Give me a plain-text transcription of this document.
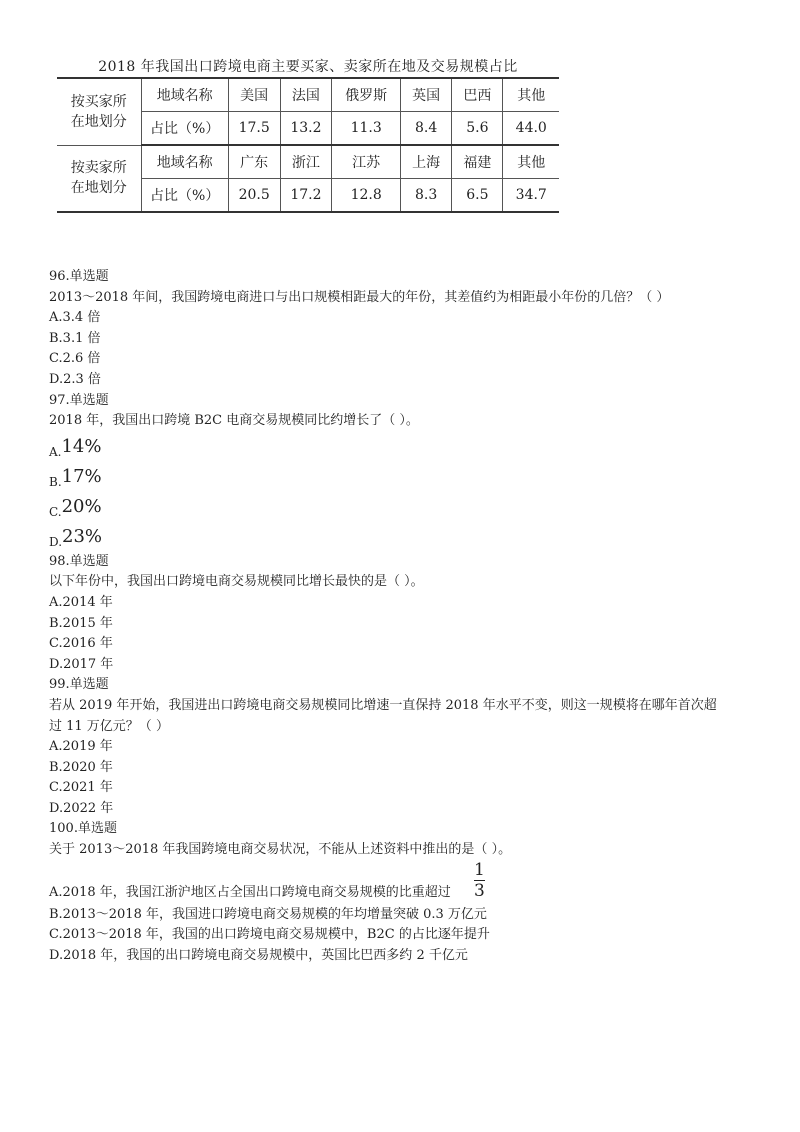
2018 年我国出口跨境电商主要买家、卖家所在地及交易规模占比
按买家所
在地划分	地域名称	美国	法国	俄罗斯	英国	巴西	其他
	占比（%）	17.5	13.2	11.3	8.4	5.6	44.0
按卖家所
在地划分	地域名称	广东	浙江	江苏	上海	福建	其他
	占比（%）	20.5	17.2	12.8	8.3	6.5	34.7
96.单选题
2013～2018 年间，我国跨境电商进口与出口规模相距最大的年份，其差值约为相距最小年份的几倍？（ ）
A.3.4 倍
B.3.1 倍
C.2.6 倍
D.2.3 倍
97.单选题
2018 年，我国出口跨境 B2C 电商交易规模同比约增长了（ ）。
A.14%
B.17%
C.20%
D.23%
98.单选题
以下年份中，我国出口跨境电商交易规模同比增长最快的是（ ）。
A.2014 年
B.2015 年
C.2016 年
D.2017 年
99.单选题
若从 2019 年开始，我国进出口跨境电商交易规模同比增速一直保持 2018 年水平不变，则这一规模将在哪年首次超
过 11 万亿元？（ ）
A.2019 年
B.2020 年
C.2021 年
D.2022 年
100.单选题
关于 2013～2018 年我国跨境电商交易状况，不能从上述资料中推出的是（ ）。
A.2018 年，我国江浙沪地区占全国出口跨境电商交易规模的比重超过
1
3
B.2013～2018 年，我国进口跨境电商交易规模的年均增量突破 0.3 万亿元
C.2013～2018 年，我国的出口跨境电商交易规模中，B2C 的占比逐年提升
D.2018 年，我国的出口跨境电商交易规模中，英国比巴西多约 2 千亿元
